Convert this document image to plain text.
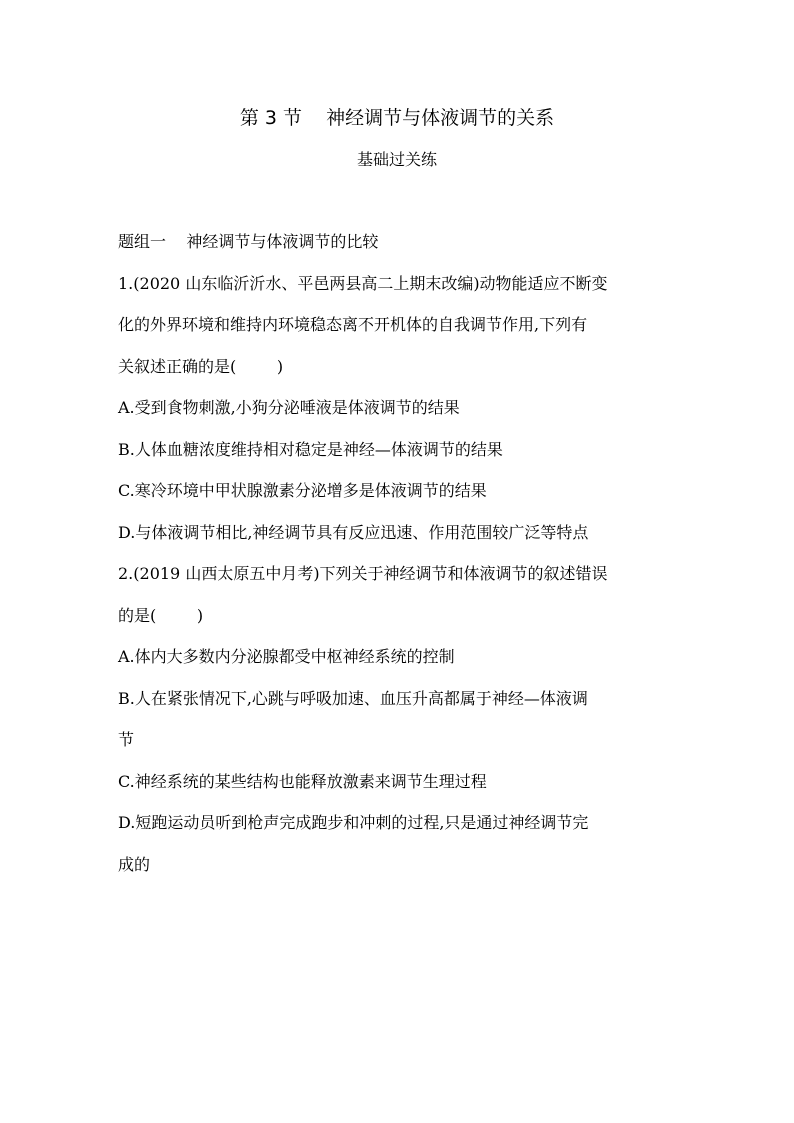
第 3 节    神经调节与体液调节的关系
基础过关练
题组一    神经调节与体液调节的比较
1.(2020 山东临沂沂水、平邑两县高二上期末改编)动物能适应不断变
化的外界环境和维持内环境稳态离不开机体的自我调节作用,下列有
关叙述正确的是(        )
A.受到食物刺激,小狗分泌唾液是体液调节的结果
B.人体血糖浓度维持相对稳定是神经—体液调节的结果
C.寒冷环境中甲状腺激素分泌增多是体液调节的结果
D.与体液调节相比,神经调节具有反应迅速、作用范围较广泛等特点
2.(2019 山西太原五中月考)下列关于神经调节和体液调节的叙述错误
的是(        )
A.体内大多数内分泌腺都受中枢神经系统的控制
B.人在紧张情况下,心跳与呼吸加速、血压升高都属于神经—体液调
节
C.神经系统的某些结构也能释放激素来调节生理过程
D.短跑运动员听到枪声完成跑步和冲刺的过程,只是通过神经调节完
成的
